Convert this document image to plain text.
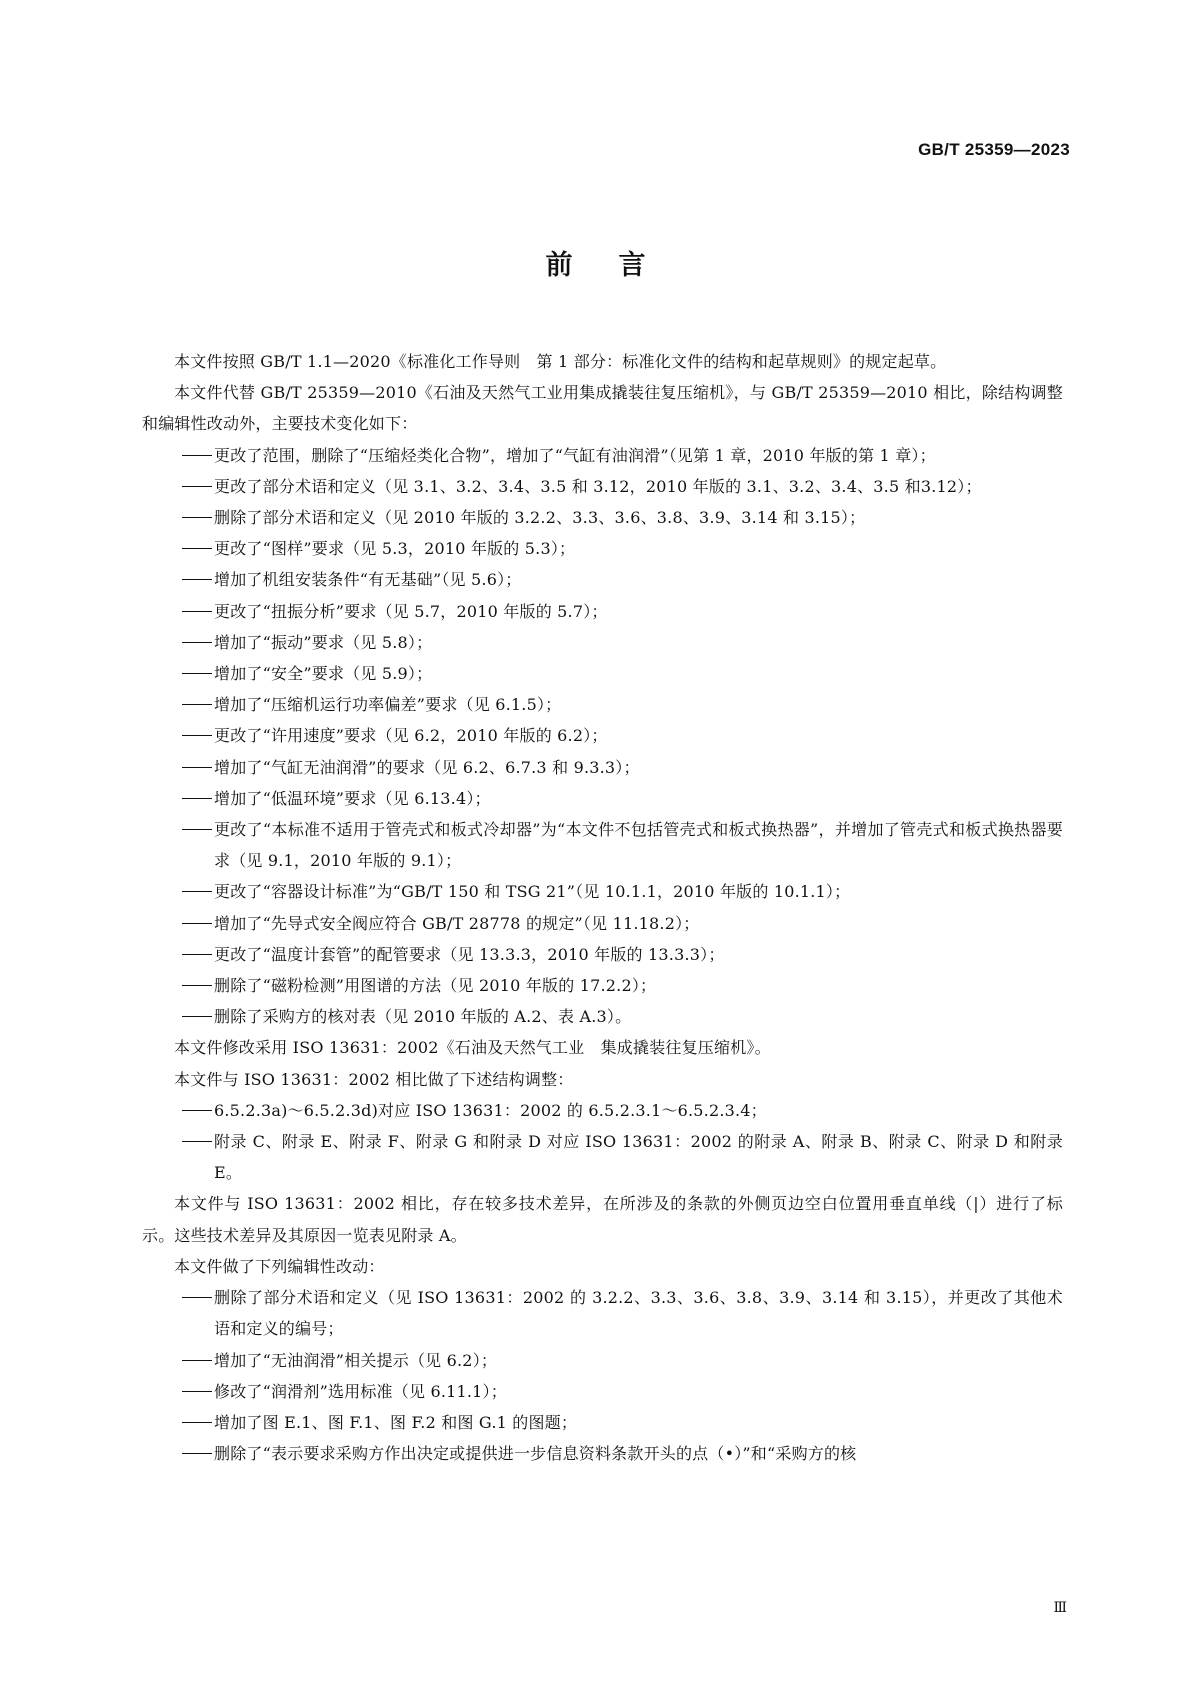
GB/T 25359—2023
前言

本文件按照 GB/T 1.1—2020《标准化工作导则　第 1 部分：标准化文件的结构和起草规则》的规定起草。

本文件代替 GB/T 25359—2010《石油及天然气工业用集成撬装往复压缩机》，与 GB/T 25359—2010 相比，除结构调整和编辑性改动外，主要技术变化如下：

更改了范围，删除了“压缩烃类化合物”，增加了“气缸有油润滑”（见第 1 章，2010 年版的第 1 章）；

更改了部分术语和定义（见 3.1、3.2、3.4、3.5 和 3.12，2010 年版的 3.1、3.2、3.4、3.5 和3.12）；

删除了部分术语和定义（见 2010 年版的 3.2.2、3.3、3.6、3.8、3.9、3.14 和 3.15）；

更改了“图样”要求（见 5.3，2010 年版的 5.3）；

增加了机组安装条件“有无基础”（见 5.6）；

更改了“扭振分析”要求（见 5.7，2010 年版的 5.7）；

增加了“振动”要求（见 5.8）；

增加了“安全”要求（见 5.9）；

增加了“压缩机运行功率偏差”要求（见 6.1.5）；

更改了“许用速度”要求（见 6.2，2010 年版的 6.2）；

增加了“气缸无油润滑”的要求（见 6.2、6.7.3 和 9.3.3）；

增加了“低温环境”要求（见 6.13.4）；

更改了“本标准不适用于管壳式和板式冷却器”为“本文件不包括管壳式和板式换热器”，并增加了管壳式和板式换热器要求（见 9.1，2010 年版的 9.1）；

更改了“容器设计标准”为“GB/T 150 和 TSG 21”（见 10.1.1，2010 年版的 10.1.1）；

增加了“先导式安全阀应符合 GB/T 28778 的规定”（见 11.18.2）；

更改了“温度计套管”的配管要求（见 13.3.3，2010 年版的 13.3.3）；

删除了“磁粉检测”用图谱的方法（见 2010 年版的 17.2.2）；

删除了采购方的核对表（见 2010 年版的 A.2、表 A.3）。

本文件修改采用 ISO 13631：2002《石油及天然气工业　集成撬装往复压缩机》。

本文件与 ISO 13631：2002 相比做了下述结构调整：

6.5.2.3a)～6.5.2.3d)对应 ISO 13631：2002 的 6.5.2.3.1～6.5.2.3.4；

附录 C、附录 E、附录 F、附录 G 和附录 D 对应 ISO 13631：2002 的附录 A、附录 B、附录 C、附录 D 和附录 E。

本文件与 ISO 13631：2002 相比，存在较多技术差异，在所涉及的条款的外侧页边空白位置用垂直单线（|）进行了标示。这些技术差异及其原因一览表见附录 A。

本文件做了下列编辑性改动：

删除了部分术语和定义（见 ISO 13631：2002 的 3.2.2、3.3、3.6、3.8、3.9、3.14 和 3.15），并更改了其他术语和定义的编号；

增加了“无油润滑”相关提示（见 6.2）；

修改了“润滑剂”选用标准（见 6.11.1）；

增加了图 E.1、图 F.1、图 F.2 和图 G.1 的图题；

删除了“表示要求采购方作出决定或提供进一步信息资料条款开头的点（•）”和“采购方的核

Ⅲ
